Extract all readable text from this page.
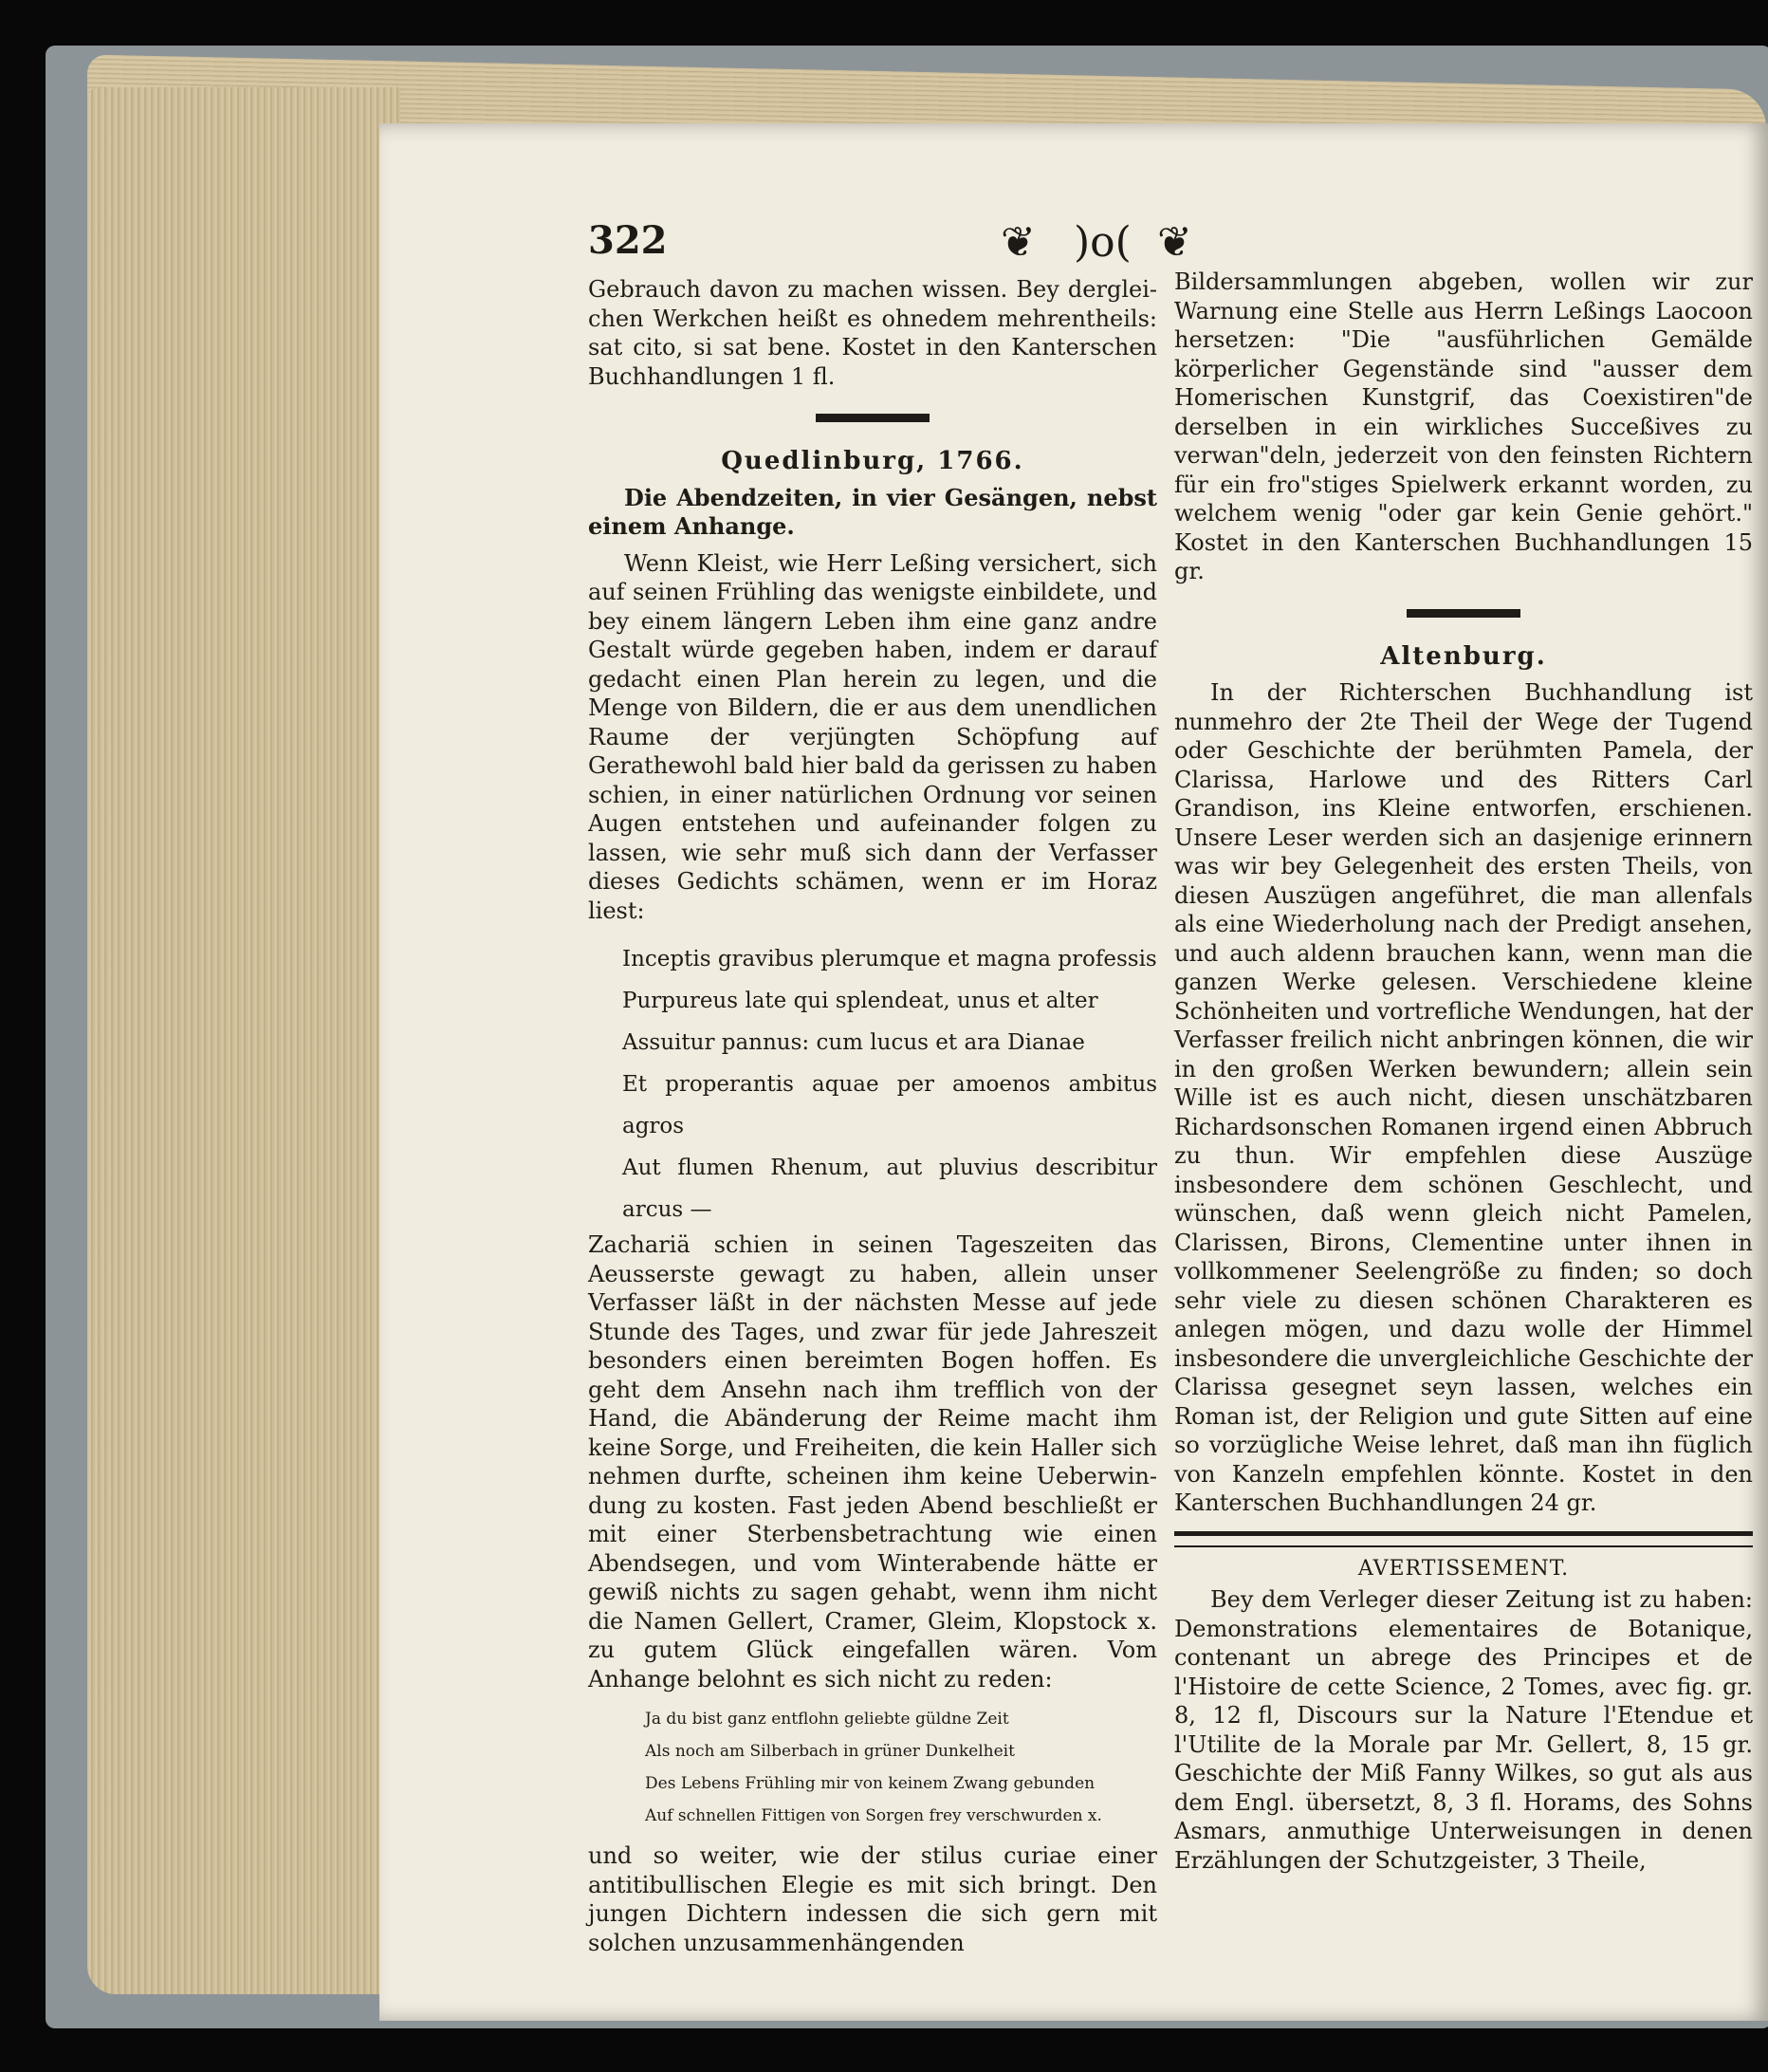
322	❦ )o( ❦

Gebrauch davon zu machen wissen. Bey dergleichen Werkchen heißt es ohnedem mehrentheils: sat cito, si sat bene. Kostet in den Kanterschen Buchhandlungen 1 fl.

Quedlinburg, 1766.

Die Abendzeiten, in vier Gesängen, nebst einem Anhange.

Wenn Kleist, wie Herr Leßing versichert, sich auf seinen Frühling das wenigste einbildete, und bey einem längern Leben ihm eine ganz andre Gestalt würde gegeben haben, indem er darauf gedacht einen Plan herein zu legen, und die Menge von Bildern, die er aus dem unendlichen Raume der verjüngten Schöpfung auf Gerathewohl bald hier bald da gerissen zu haben schien, in einer natürlichen Ordnung vor seinen Augen entstehen und aufeinander folgen zu lassen, wie sehr muß sich dann der Verfasser dieses Gedichts schämen, wenn er im Horaz liest:

Inceptis gravibus plerumque et magna professis
Purpureus late qui splendeat, unus et alter
Assuitur pannus: cum lucus et ara Dianae
Et properantis aquae per amoenos ambitus agros
Aut flumen Rhenum, aut pluvius describitur arcus —

Zachariä schien in seinen Tageszeiten das Aeusserste gewagt zu haben, allein unser Verfasser läßt in der nächsten Messe auf jede Stunde des Tages, und zwar für jede Jahreszeit besonders einen bereimten Bogen hoffen. Es geht dem Ansehn nach ihm trefflich von der Hand, die Abänderung der Reime macht ihm keine Sorge, und Freiheiten, die kein Haller sich nehmen durfte, scheinen ihm keine Ueberwindung zu kosten. Fast jeden Abend beschließt er mit einer Sterbensbetrachtung wie einen Abendsegen, und vom Winterabende hätte er gewiß nichts zu sagen gehabt, wenn ihm nicht die Namen Gellert, Cramer, Gleim, Klopstock x. zu gutem Glück eingefallen wären. Vom Anhange belohnt es sich nicht zu reden:

Ja du bist ganz entflohn geliebte güldne Zeit
Als noch am Silberbach in grüner Dunkelheit
Des Lebens Frühling mir von keinem Zwang gebunden
Auf schnellen Fittigen von Sorgen frey verschwurden x.

und so weiter, wie der stilus curiae einer antitibullischen Elegie es mit sich bringt. Den jungen Dichtern indessen die sich gern mit solchen unzusammenhängenden

Bildersammlungen abgeben, wollen wir zur Warnung eine Stelle aus Herrn Leßings Laocoon hersetzen: "Die "ausführlichen Gemälde körperlicher Gegenstände sind "ausser dem Homerischen Kunstgrif, das Coexistiren"de derselben in ein wirkliches Succeßives zu verwan"deln, jederzeit von den feinsten Richtern für ein fro"stiges Spielwerk erkannt worden, zu welchem wenig "oder gar kein Genie gehört." Kostet in den Kanterschen Buchhandlungen 15 gr.

Altenburg.

In der Richterschen Buchhandlung ist nunmehro der 2te Theil der Wege der Tugend oder Geschichte der berühmten Pamela, der Clarissa, Harlowe und des Ritters Carl Grandison, ins Kleine entworfen, erschienen. Unsere Leser werden sich an dasjenige erinnern was wir bey Gelegenheit des ersten Theils, von diesen Auszügen angeführet, die man allenfals als eine Wiederholung nach der Predigt ansehen, und auch aldenn brauchen kann, wenn man die ganzen Werke gelesen. Verschiedene kleine Schönheiten und vortrefliche Wendungen, hat der Verfasser freilich nicht anbringen können, die wir in den großen Werken bewundern; allein sein Wille ist es auch nicht, diesen unschätzbaren Richardsonschen Romanen irgend einen Abbruch zu thun. Wir empfehlen diese Auszüge insbesondere dem schönen Geschlecht, und wünschen, daß wenn gleich nicht Pamelen, Clarissen, Birons, Clementine unter ihnen in vollkommener Seelengröße zu finden; so doch sehr viele zu diesen schönen Charakteren es anlegen mögen, und dazu wolle der Himmel insbesondere die unvergleichliche Geschichte der Clarissa gesegnet seyn lassen, welches ein Roman ist, der Religion und gute Sitten auf eine so vorzügliche Weise lehret, daß man ihn füglich von Kanzeln empfehlen könnte. Kostet in den Kanterschen Buchhandlungen 24 gr.

AVERTISSEMENT.

Bey dem Verleger dieser Zeitung ist zu haben: Demonstrations elementaires de Botanique, contenant un abrege des Principes et de l'Histoire de cette Science, 2 Tomes, avec fig. gr. 8, 12 fl, Discours sur la Nature l'Etendue et l'Utilite de la Morale par Mr. Gellert, 8, 15 gr. Geschichte der Miß Fanny Wilkes, so gut als aus dem Engl. übersetzt, 8, 3 fl. Horams, des Sohns Asmars, anmuthige Unterweisungen in denen Erzählungen der Schutzgeister, 3 Theile,
